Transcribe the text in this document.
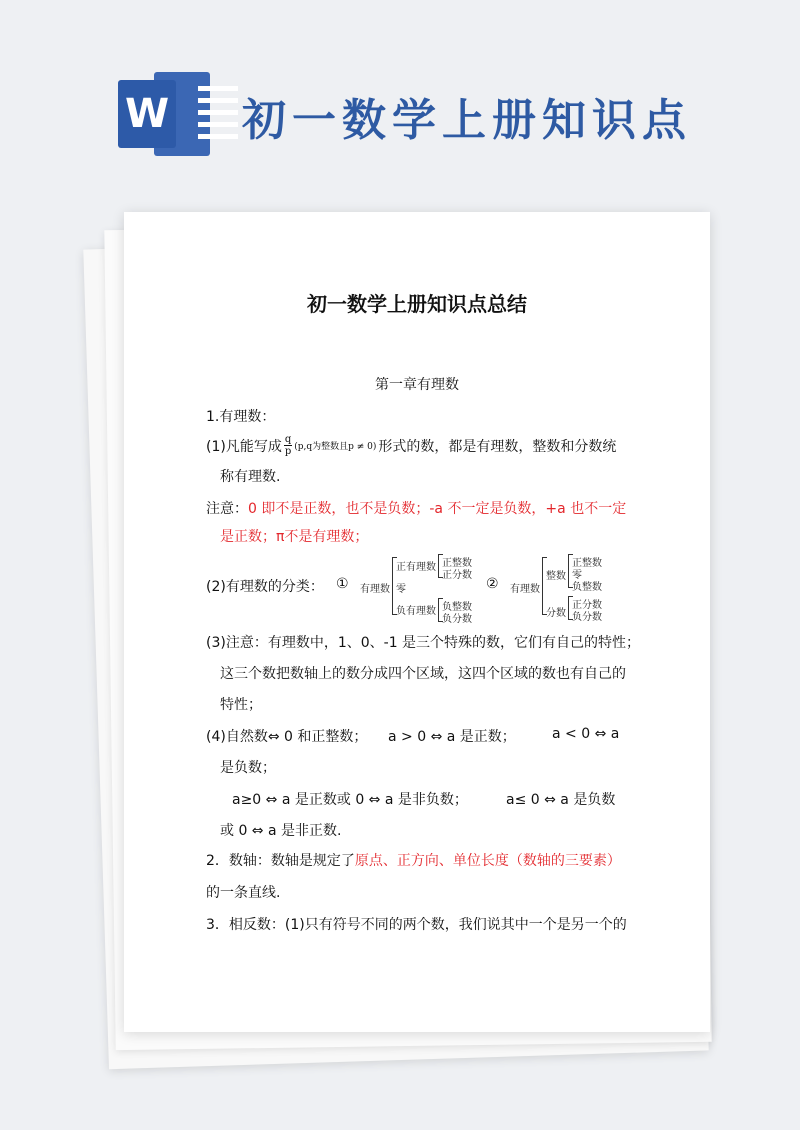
W 初一数学上册知识点
初一数学上册知识点总结
第一章有理数
1.有理数：
(1)凡能写成 $\frac{q}{p} (p,q$为整数且p ≠ 0) 形式的数，都是有理数，整数和分数统
称有理数.
注意：0 即不是正数，也不是负数；-a 不一定是负数，+a 也不一定
是正数；π不是有理数；
(2)有理数的分类： ① 有理数
正有理数 正整数
正分数
零
负有理数 负整数
负分数
② 有理数
整数
正整数
零
负整数
分数
正分数
负分数
(3)注意：有理数中，1、0、-1 是三个特殊的数，它们有自己的特性；
这三个数把数轴上的数分成四个区域，这四个区域的数也有自己的
特性；
(4)自然数⇔ 0 和正整数； a > 0 ⇔ a 是正数；	a < 0 ⇔ a
是负数；
a≥0 ⇔ a 是正数或 0 ⇔ a 是非负数；	a≤ 0 ⇔ a 是负数
或 0 ⇔ a 是非正数.
2．数轴：数轴是规定了原点、正方向、单位长度（数轴的三要素）
的一条直线.
3．相反数：(1)只有符号不同的两个数，我们说其中一个是另一个的
